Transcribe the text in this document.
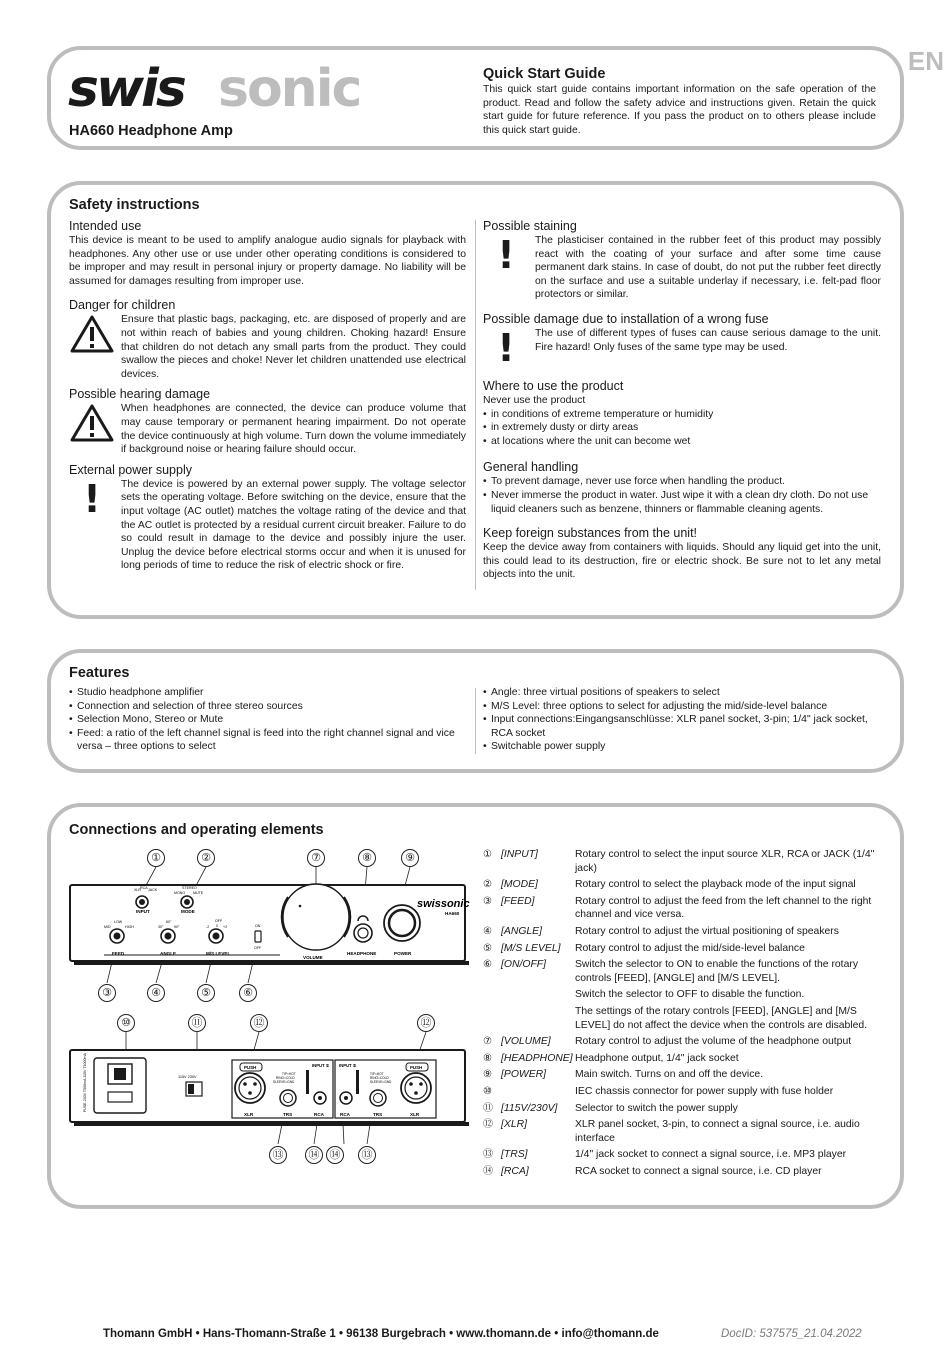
EN
swis sonic
HA660 Headphone Amp
Quick Start Guide

This quick start guide contains important information on the safe operation of the product. Read and follow the safety advice and instructions given. Retain the quick start guide for future reference. If you pass the product on to others please include this quick start guide.

Safety instructions
Intended use

This device is meant to be used to amplify analogue audio signals for playback with headphones. Any other use or use under other operating conditions is considered to be improper and may result in personal injury or property damage. No liability will be assumed for damages resulting from improper use.

Danger for children

Ensure that plastic bags, packaging, etc. are disposed of properly and are not within reach of babies and young children. Choking hazard! Ensure that children do not detach any small parts from the product. They could swallow the pieces and choke! Never let children unattended use electrical devices.

Possible hearing damage

When headphones are connected, the device can produce volume that may cause temporary or permanent hearing impairment. Do not operate the device continuously at high volume. Turn down the volume immediately if background noise or hearing failure should occur.

External power supply
! The device is powered by an external power supply. The voltage selector sets the operating voltage. Before switching on the device, ensure that the input voltage (AC outlet) matches the voltage rating of the device and that the AC outlet is protected by a residual current circuit breaker. Failure to do so could result in damage to the device and possibly injure the user. Unplug the device before electrical storms occur and when it is unused for long periods of time to reduce the risk of electric shock or fire.

Possible staining
! The plasticiser contained in the rubber feet of this product may possibly react with the coating of your surface and after some time cause permanent dark stains. In case of doubt, do not put the rubber feet directly on the surface and use a suitable underlay if necessary, i.e. felt-pad floor protectors or similar.

Possible damage due to installation of a wrong fuse
! The use of different types of fuses can cause serious damage to the unit. Fire hazard! Only fuses of the same type may be used.

Where to use the product
Never use the product
• in conditions of extreme temperature or humidity
• in extremely dusty or dirty areas
• at locations where the unit can become wet
General handling
• To prevent damage, never use force when handling the product.
• Never immerse the product in water. Just wipe it with a clean dry cloth. Do not use liquid cleaners such as benzene, thinners or flammable cleaning agents.
Keep foreign substances from the unit!

Keep the device away from containers with liquids. Should any liquid get into the unit, this could lead to its destruction, fire or electric shock. Be sure not to let any metal objects into the unit.

Features
• Studio headphone amplifier
• Connection and selection of three stereo sources
• Selection Mono, Stereo or Mute
• Feed: a ratio of the left channel signal is feed into the right channel signal and vice versa – three options to select
• Angle: three virtual positions of speakers to select
• M/S Level: three options to select for adjusting the mid/side-level balance
• Input connections:Eingangsanschlüsse: XLR panel socket, 3-pin; 1/4" jack socket, RCA socket
• Switchable power supply
Connections and operating elements
XLR RCA JACK
INPUT
STEREO
MONO MUTE
MODE
swissonic
HA660
LOW
MID	HIGH
FEED
30°
60°
90°
ANGLE
OFF
-2 0 +2
M/S LEVEL
ON
OFF
VOLUME
HEADPHONE	POWER
FUSE 230V T500mA 115V T1000mA	115V 230V
INPUT ①
PUSH
XLR
TIP=HOT
RING=COLD
SLEEVE=GND
TRS	RCA
INPUT ②	PUSH
XLR
TIP=HOT
RING=COLD
SLEEVE=GND
RCA	TRS
①	②	⑦	⑧	⑨
③	④	⑤	⑥
⑩	⑪	⑫	⑫
⑬	⑭ ⑭	⑬
① [INPUT]	Rotary control to select the input source XLR, RCA or JACK (1/4" jack)
② [MODE]	Rotary control to select the playback mode of the input signal
③ [FEED]	Rotary control to adjust the feed from the left channel to the right channel and vice versa.
④ [ANGLE]	Rotary control to adjust the virtual positioning of speakers
⑤ [M/S LEVEL]	Rotary control to adjust the mid/side-level balance
⑥ [ON/OFF]	Switch the selector to ON to enable the functions of the rotary controls [FEED], [ANGLE] and [M/S LEVEL].
Switch the selector to OFF to disable the function.
The settings of the rotary controls [FEED], [ANGLE] and [M/S LEVEL] do not affect the device when the controls are disabled.
⑦ [VOLUME]	Rotary control to adjust the volume of the headphone output
⑧ [HEADPHONE] Headphone output, 1/4" jack socket
⑨ [POWER]	Main switch. Turns on and off the device.
⑩	IEC chassis connector for power supply with fuse holder
⑪ [115V/230V]	Selector to switch the power supply
⑫ [XLR]	XLR panel socket, 3-pin, to connect a signal source, i.e. audio interface
⑬ [TRS]	1/4" jack socket to connect a signal source, i.e. MP3 player
⑭ [RCA]	RCA socket to connect a signal source, i.e. CD player
Thomann GmbH • Hans-Thomann-Straße 1 • 96138 Burgebrach • www.thomann.de • info@thomann.de	DocID: 537575_21.04.2022
